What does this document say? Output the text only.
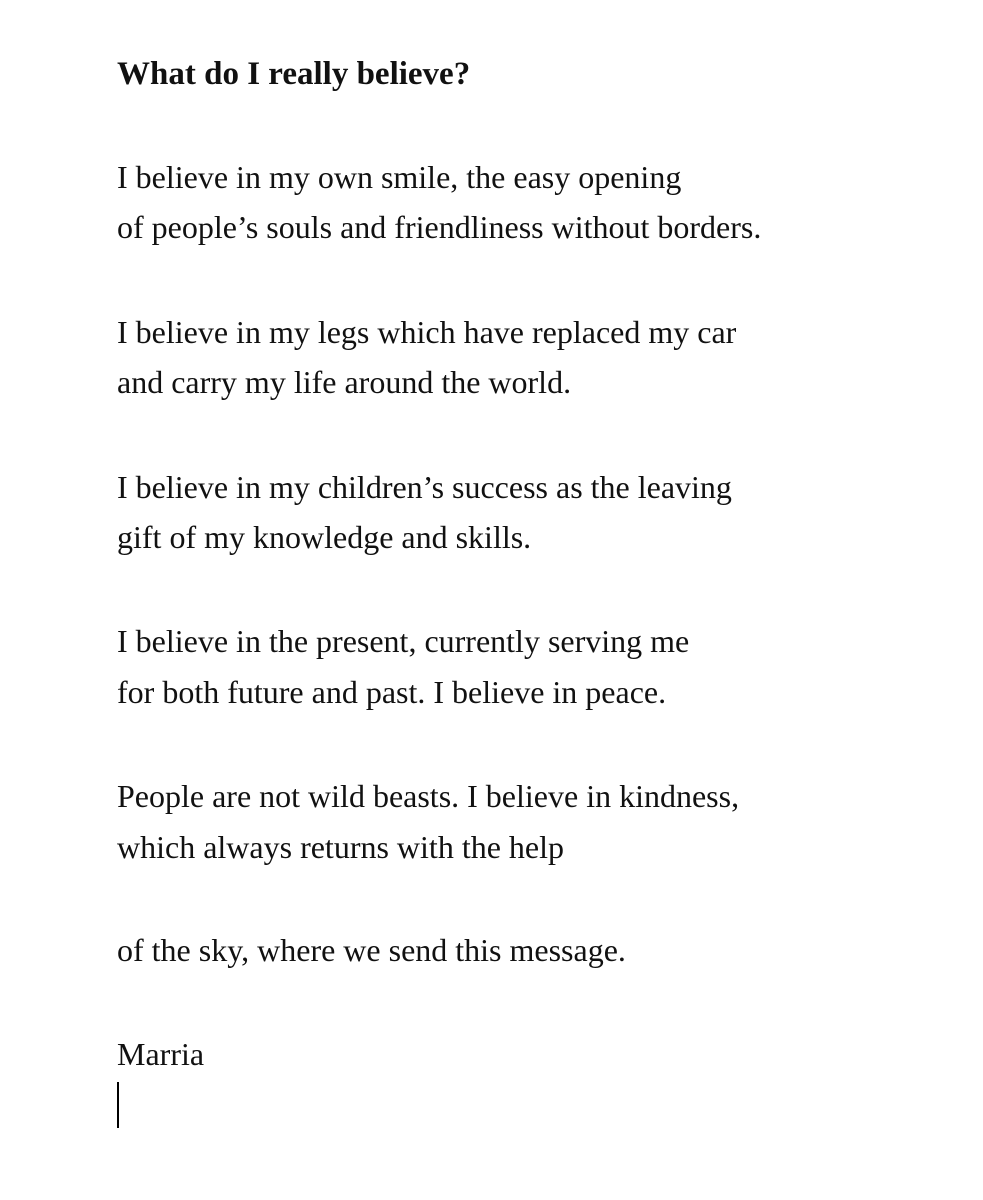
What do I really believe?

I believe in my own smile, the easy opening

of people’s souls and friendliness without borders.

I believe in my legs which have replaced my car

and carry my life around the world.

I believe in my children’s success as the leaving

gift of my knowledge and skills.

I believe in the present, currently serving me

for both future and past. I believe in peace.

People are not wild beasts. I believe in kindness,

which always returns with the help

of the sky, where we send this message.

Marria
